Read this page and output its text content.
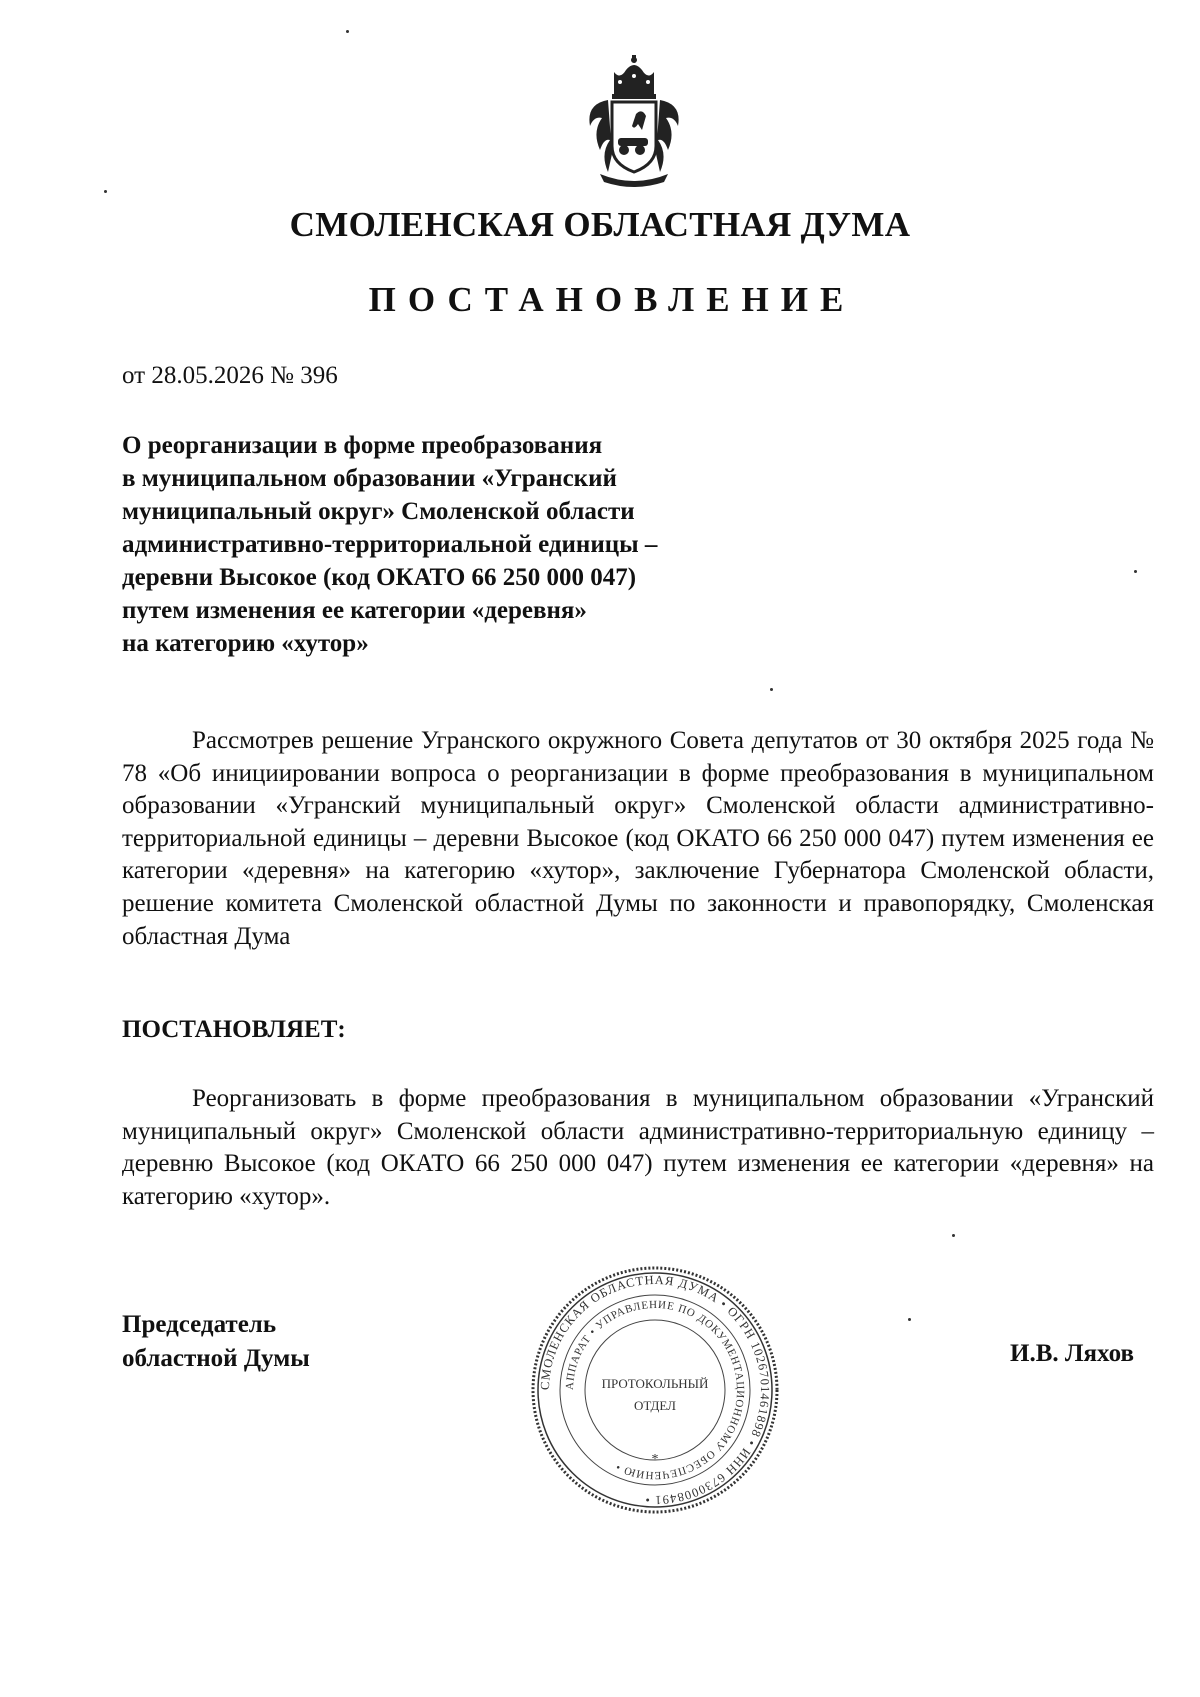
СМОЛЕНСКАЯ ОБЛАСТНАЯ ДУМА
ПОСТАНОВЛЕНИЕ
от 28.05.2026 № 396
О реорганизации в форме преобразования
в муниципальном образовании «Угранский
муниципальный округ» Смоленской области
административно-территориальной единицы –
деревни Высокое (код ОКАТО 66 250 000 047)
путем изменения ее категории «деревня»
на категорию «хутор»

Рассмотрев решение Угранского окружного Совета депутатов от 30 октября 2025 года № 78 «Об инициировании вопроса о реорганизации в форме преобразования в муниципальном образовании «Угранский муниципальный округ» Смоленской области административно-территориальной единицы – деревни Высокое (код ОКАТО 66 250 000 047) путем изменения ее категории «деревня» на категорию «хутор», заключение Губернатора Смоленской области, решение комитета Смоленской областной Думы по законности и правопорядку, Смоленская областная Дума

ПОСТАНОВЛЯЕТ:

Реорганизовать в форме преобразования в муниципальном образовании «Угранский муниципальный округ» Смоленской области административно-территориальную единицу – деревню Высокое (код ОКАТО 66 250 000 047) путем изменения ее категории «деревня» на категорию «хутор».

Председатель
областной Думы	И.В. Ляхов
СМОЛЕНСКАЯ ОБЛАСТНАЯ ДУМА • ОГРН 1026701461898 • ИНН 6730008491 •
АППАРАТ • УПРАВЛЕНИЕ ПО ДОКУМЕНТАЦИОННОМУ ОБЕСПЕЧЕНИЮ •
ПРОТОКОЛЬНЫЙ
ОТДЕЛ
*
